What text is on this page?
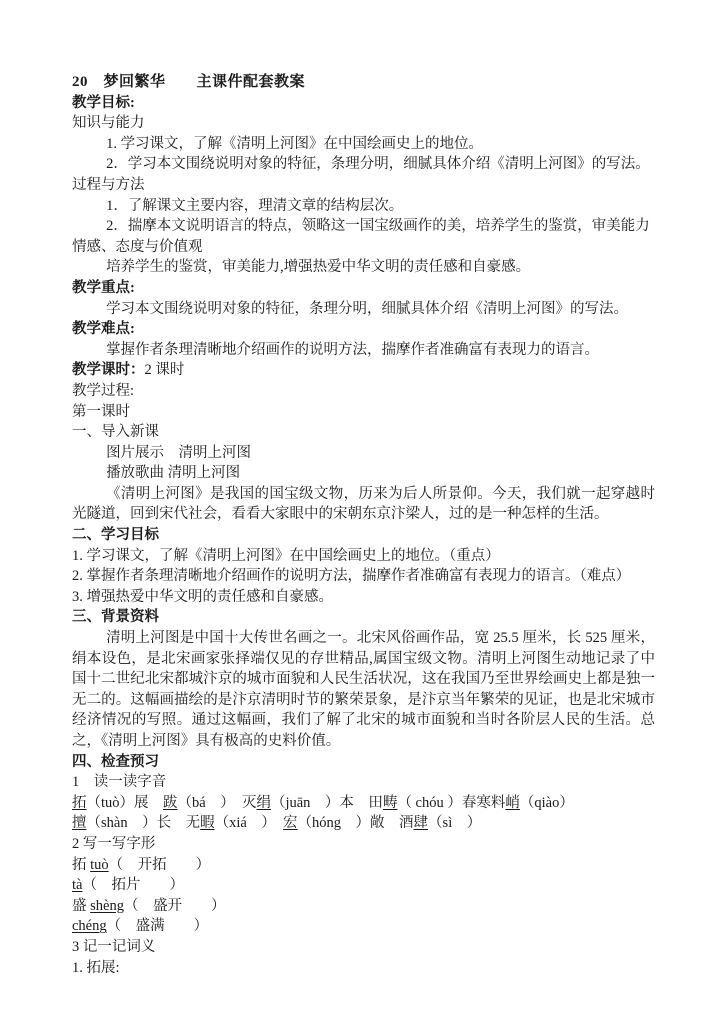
20　梦回繁华　　主课件配套教案

教学目标:

知识与能力

1. 学习课文，了解《清明上河图》在中国绘画史上的地位。

2．学习本文围绕说明对象的特征，条理分明，细腻具体介绍《清明上河图》的写法。

过程与方法

1．了解课文主要内容，理清文章的结构层次。

2．揣摩本文说明语言的特点，领略这一国宝级画作的美，培养学生的鉴赏，审美能力

情感、态度与价值观

培养学生的鉴赏，审美能力,增强热爱中华文明的责任感和自豪感。

教学重点:

学习本文围绕说明对象的特征，条理分明，细腻具体介绍《清明上河图》的写法。

教学难点:

掌握作者条理清晰地介绍画作的说明方法，揣摩作者准确富有表现力的语言。

教学课时：2 课时

教学过程:

第一课时

一、导入新课

图片展示　清明上河图

播放歌曲 清明上河图

《清明上河图》是我国的国宝级文物，历来为后人所景仰。今天，我们就一起穿越时光隧道，回到宋代社会，看看大家眼中的宋朝东京汴梁人，过的是一种怎样的生活。

二、学习目标

1. 学习课文，了解《清明上河图》在中国绘画史上的地位。（重点）

2. 掌握作者条理清晰地介绍画作的说明方法，揣摩作者准确富有表现力的语言。（难点）

3. 增强热爱中华文明的责任感和自豪感。

三、背景资料

清明上河图是中国十大传世名画之一。北宋风俗画作品，宽 25.5 厘米，长 525 厘米，绢本设色，是北宋画家张择端仅见的存世精品,属国宝级文物。清明上河图生动地记录了中国十二世纪北宋都城汴京的城市面貌和人民生活状况，这在我国乃至世界绘画史上都是独一无二的。这幅画描绘的是汴京清明时节的繁荣景象，是汴京当年繁荣的见证，也是北宋城市经济情况的写照。通过这幅画，我们了解了北宋的城市面貌和当时各阶层人民的生活。总之，《清明上河图》具有极高的史料价值。

四、检查预习

1　读一读字音

拓（tuò）展　跋（bá　）　灭绢（juān　）本　田畴（ chóu ）春寒料峭（qiào）

擅（shàn　）长　无暇（xiá　）　宏（hóng　）敞　酒肆（sì　）

2 写一写字形

拓 tuò（　开拓　　）

tà（　拓片　　）

盛 shèng（　盛开　　）

chéng（　盛满　　）

3 记一记词义

1. 拓展:
